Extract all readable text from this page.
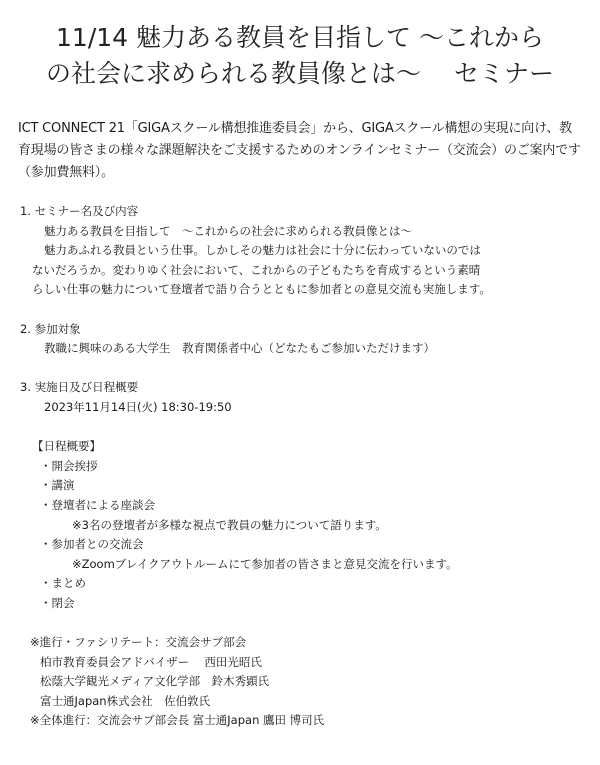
11/14 魅力ある教員を目指して 〜これから
の社会に求められる教員像とは〜　 セミナー
ICT CONNECT 21「GIGAスクール構想推進委員会」から、GIGAスクール構想の実現に向け、教
育現場の皆さまの様々な課題解決をご支援するためのオンラインセミナー（交流会）のご案内です
（参加費無料）。
1. セミナー名及び内容
魅力ある教員を目指して　〜これからの社会に求められる教員像とは〜
魅力あふれる教員という仕事。しかしその魅力は社会に十分に伝わっていないのでは
ないだろうか。変わりゆく社会において、これからの子どもたちを育成するという素晴
らしい仕事の魅力について登壇者で語り合うとともに参加者との意見交流も実施します。
2. 参加対象
教職に興味のある大学生　教育関係者中心（どなたもご参加いただけます）
3. 実施日及び日程概要
2023年11月14日(火) 18:30-19:50
【日程概要】
・開会挨拶
・講演
・登壇者による座談会
※3名の登壇者が多様な視点で教員の魅力について語ります。
・参加者との交流会
※Zoomブレイクアウトルームにて参加者の皆さまと意見交流を行います。
・まとめ
・閉会
※進行・ファシリテート：交流会サブ部会
柏市教育委員会アドバイザー　 西田光昭氏
松蔭大学観光メディア文化学部　鈴木秀顕氏
富士通Japan株式会社　佐伯敦氏
※全体進行：交流会サブ部会長 富士通Japan 鷹田 博司氏
